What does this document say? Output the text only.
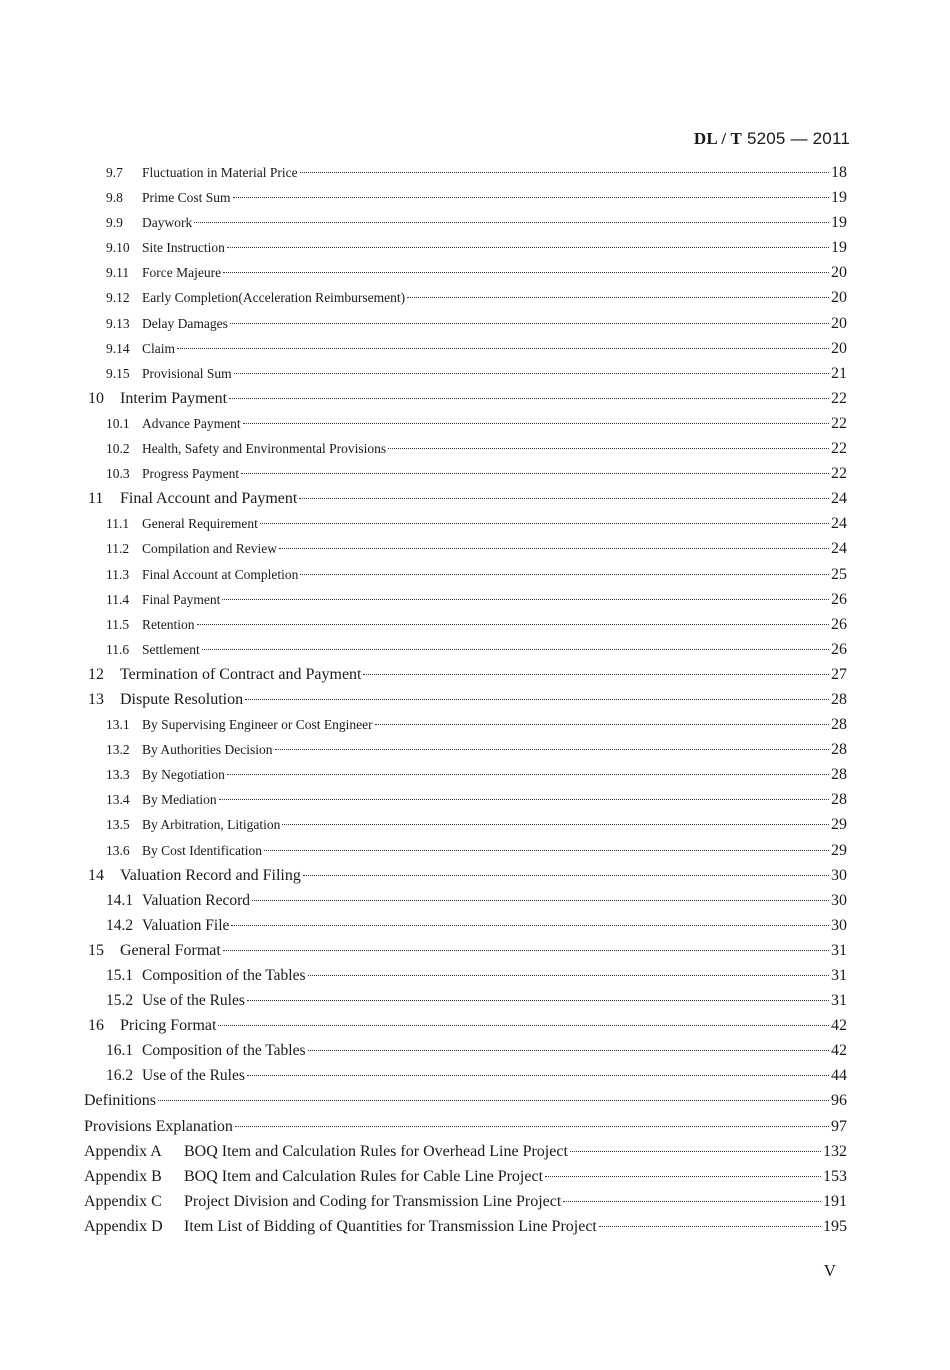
DL / T 5205 — 2011
9.7	Fluctuation in Material Price	18
9.8	Prime Cost Sum	19
9.9	Daywork	19
9.10 Site Instruction	19
9.11 Force Majeure	20
9.12 Early Completion(Acceleration Reimbursement)	20
9.13 Delay Damages	20
9.14 Claim	20
9.15 Provisional Sum	21
10	Interim Payment	22
10.1 Advance Payment	22
10.2 Health, Safety and Environmental Provisions	22
10.3 Progress Payment	22
11	Final Account and Payment	24
11.1 General Requirement	24
11.2 Compilation and Review	24
11.3 Final Account at Completion	25
11.4 Final Payment	26
11.5 Retention	26
11.6 Settlement	26
12	Termination of Contract and Payment	27
13	Dispute Resolution	28
13.1 By Supervising Engineer or Cost Engineer	28
13.2 By Authorities Decision	28
13.3 By Negotiation	28
13.4 By Mediation	28
13.5 By Arbitration, Litigation	29
13.6 By Cost Identification	29
14	Valuation Record and Filing	30
14.1 Valuation Record	30
14.2 Valuation File	30
15	General Format	31
15.1 Composition of the Tables	31
15.2 Use of the Rules	31
16	Pricing Format	42
16.1 Composition of the Tables	42
16.2 Use of the Rules	44
Definitions	96
Provisions Explanation	97
Appendix A	BOQ Item and Calculation Rules for Overhead Line Project	132
Appendix B	BOQ Item and Calculation Rules for Cable Line Project	153
Appendix C	Project Division and Coding for Transmission Line Project	191
Appendix D	Item List of Bidding of Quantities for Transmission Line Project	195
V
